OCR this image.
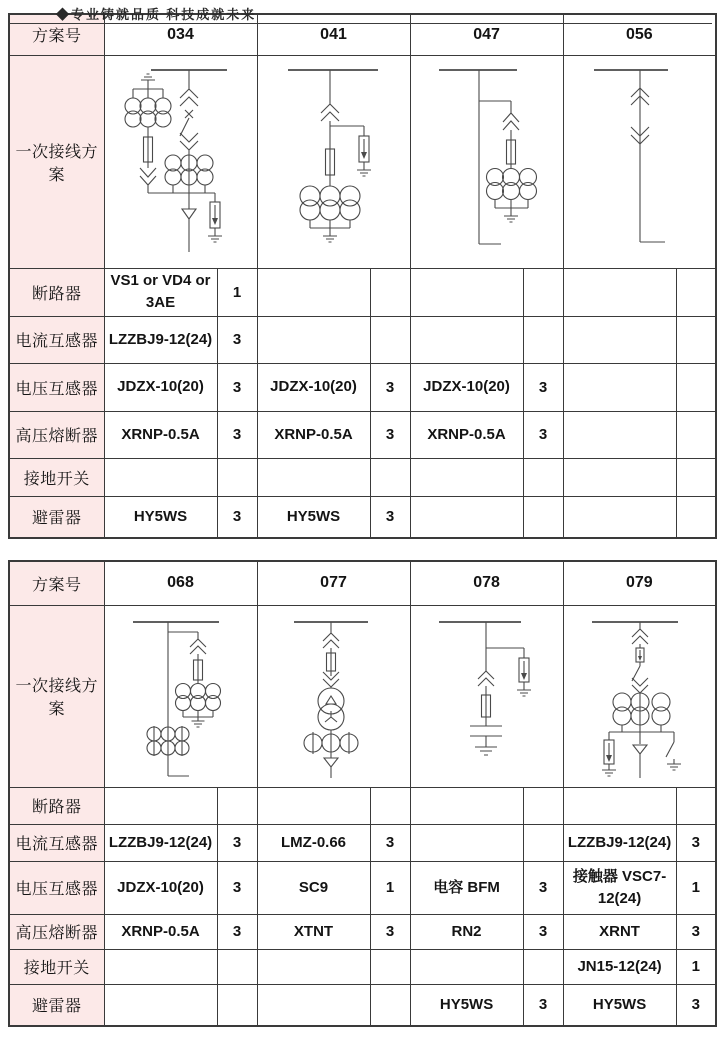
◆专业铸就品质 科技成就未来
方案号	034		041		047		056	
一次接线方案	

断路器	VS1 or VD4 or 3AE	1						
电流互感器	LZZBJ9-12(24)	3						
电压互感器	JDZX-10(20)	3	JDZX-10(20)	3	JDZX-10(20)	3		
高压熔断器	XRNP-0.5A	3	XRNP-0.5A	3	XRNP-0.5A	3		
接地开关								
避雷器	HY5WS	3	HY5WS	3				
方案号	068		077		078		079	
一次接线方案	

断路器								
电流互感器	LZZBJ9-12(24)	3	LMZ-0.66	3			LZZBJ9-12(24)	3
电压互感器	JDZX-10(20)	3	SC9	1	电容 BFM	3	接触器 VSC7-12(24)	1
高压熔断器	XRNP-0.5A	3	XTNT	3	RN2	3	XRNT	3
接地开关							JN15-12(24)	1
避雷器					HY5WS	3	HY5WS	3
